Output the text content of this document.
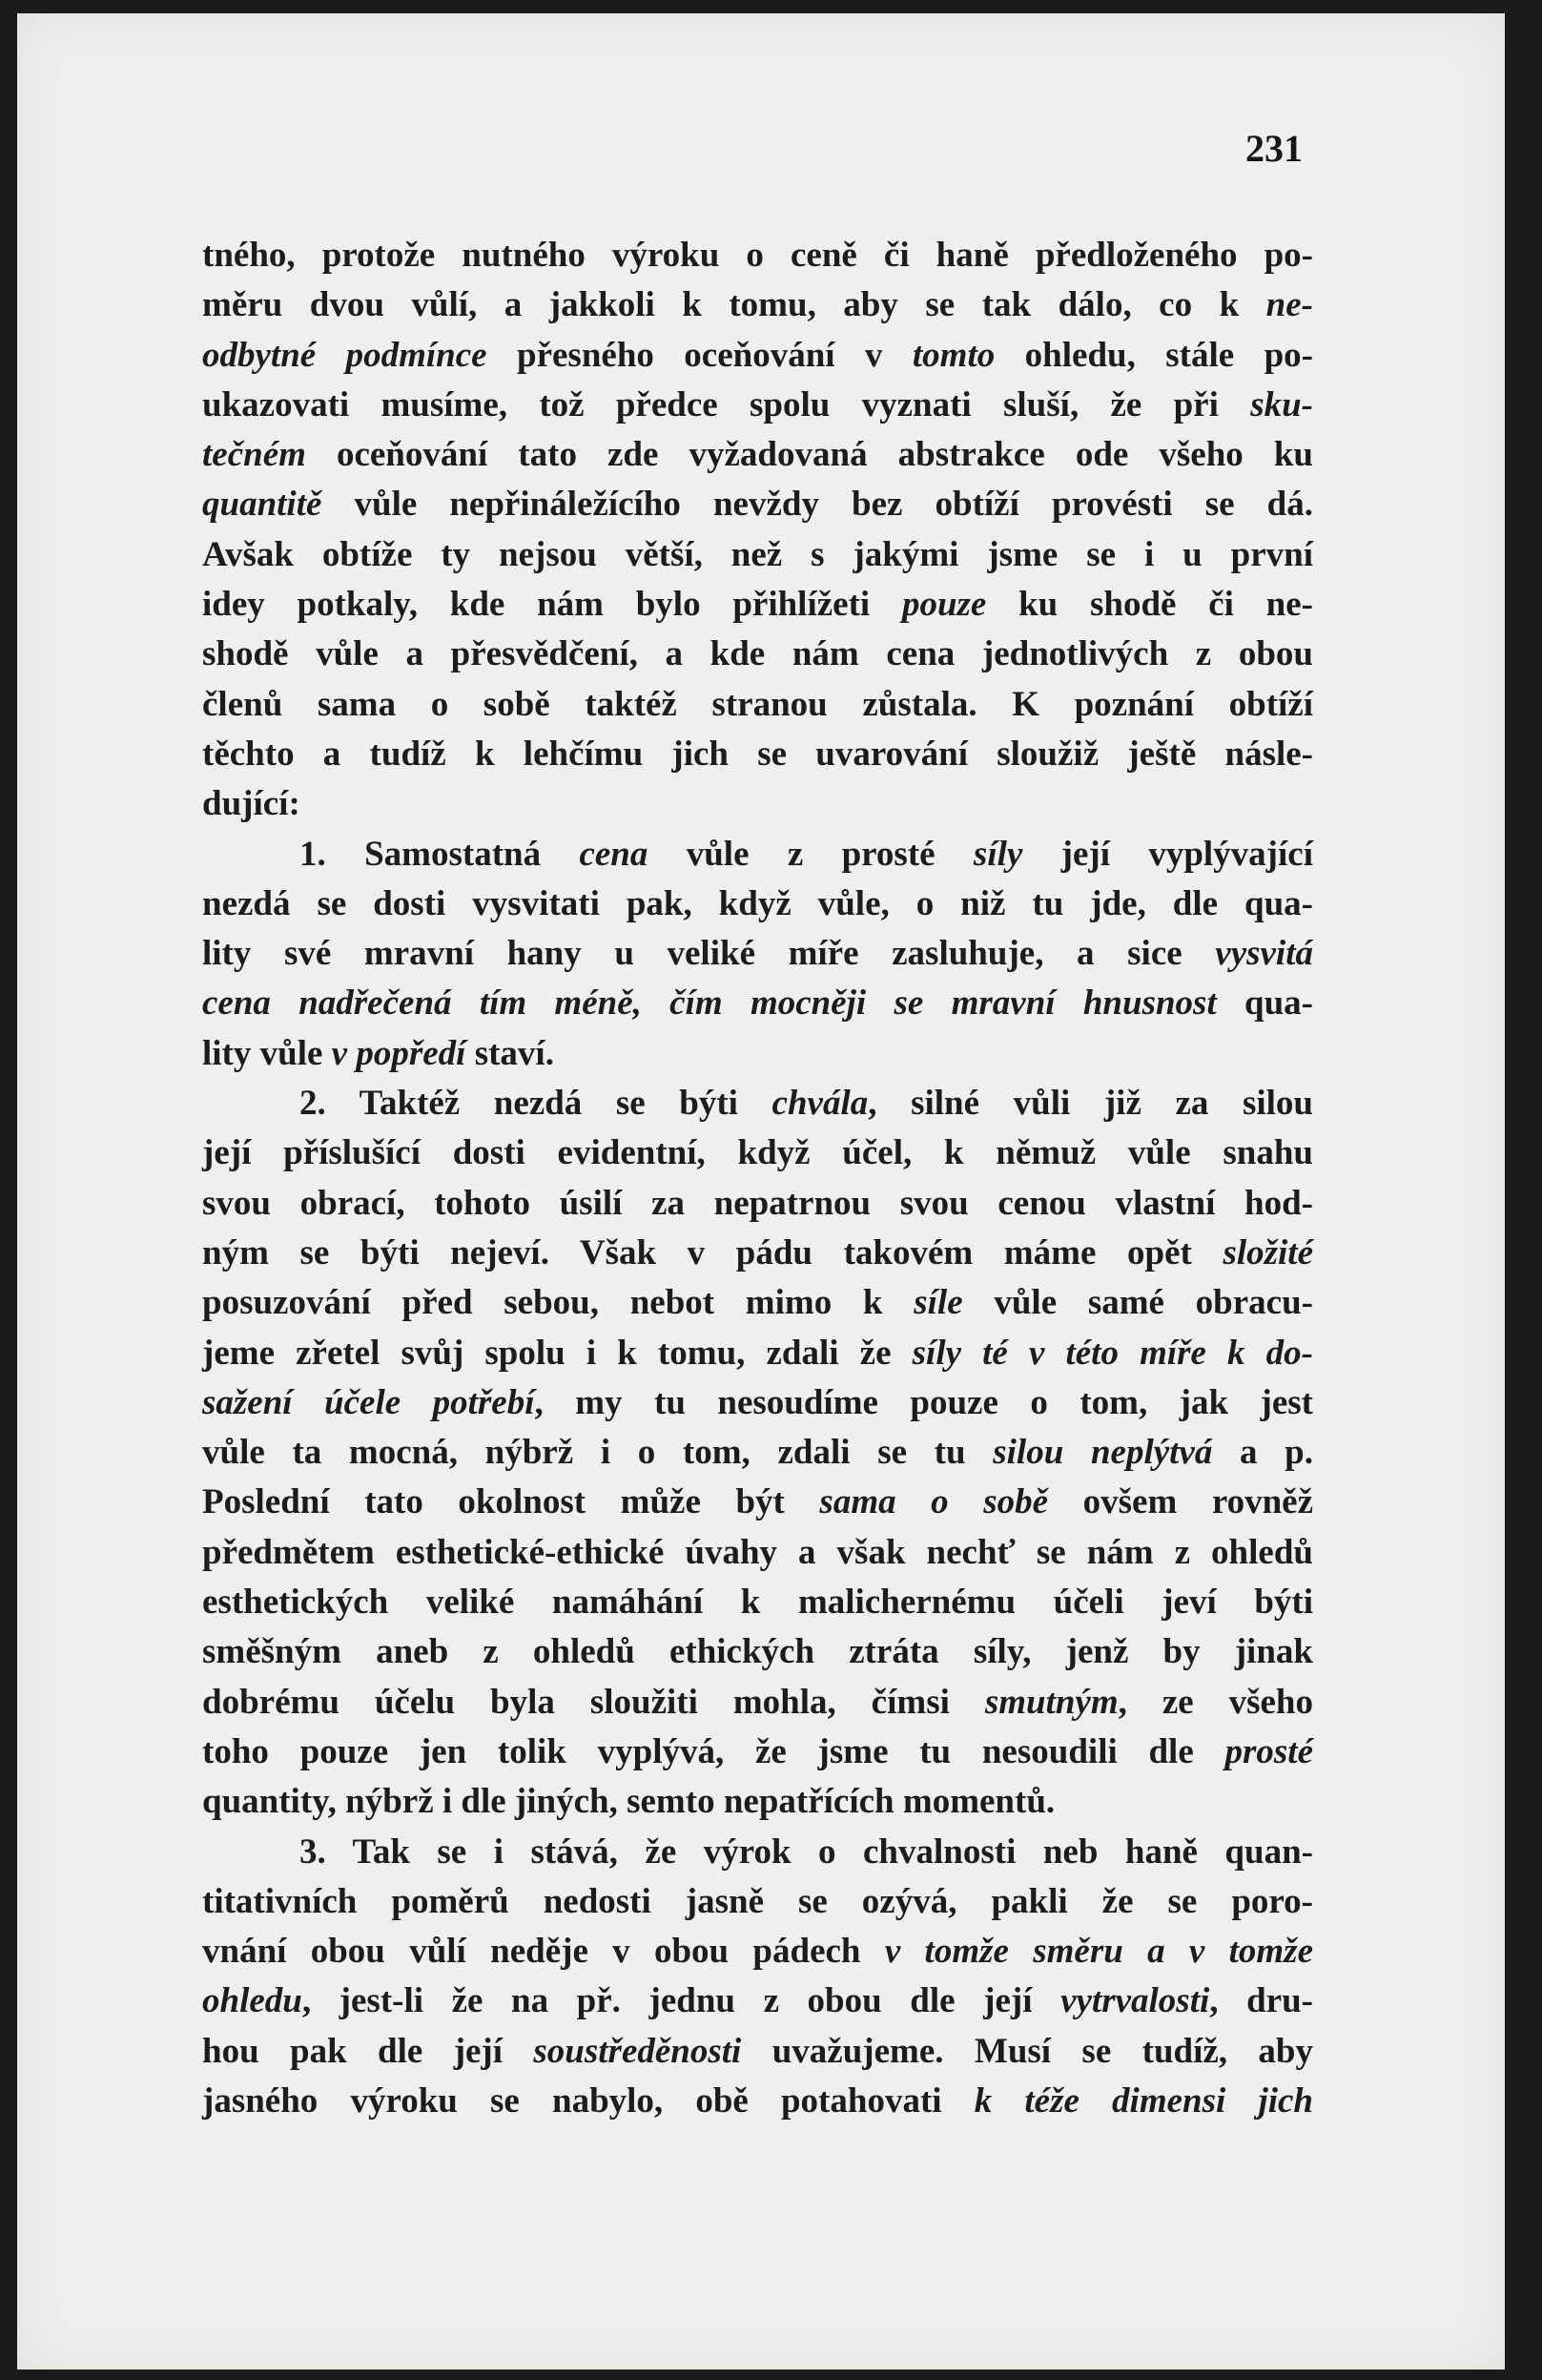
231
tného, protože nutného výroku o ceně či haně předloženého po-
měru dvou vůlí, a jakkoli k tomu, aby se tak dálo, co k ne-
odbytné podmínce přesného oceňování v tomto ohledu, stále po-
ukazovati musíme, tož předce spolu vyznati sluší, že při sku-
tečném oceňování tato zde vyžadovaná abstrakce ode všeho ku
quantitě vůle nepřináležícího nevždy bez obtíží provésti se dá.
Avšak obtíže ty nejsou větší, než s jakými jsme se i u první
idey potkaly, kde nám bylo přihlížeti pouze ku shodě či ne-
shodě vůle a přesvědčení, a kde nám cena jednotlivých z obou
členů sama o sobě taktéž stranou zůstala. K poznání obtíží
těchto a tudíž k lehčímu jich se uvarování sloužiž ještě násle-
dující:
1. Samostatná cena vůle z prosté síly její vyplývající
nezdá se dosti vysvitati pak, když vůle, o niž tu jde, dle qua-
lity své mravní hany u veliké míře zasluhuje, a sice vysvitá
cena nadřečená tím méně, čím mocněji se mravní hnusnost qua-
lity vůle v popředí staví.
2. Taktéž nezdá se býti chvála, silné vůli již za silou
její příslušící dosti evidentní, když účel, k němuž vůle snahu
svou obrací, tohoto úsilí za nepatrnou svou cenou vlastní hod-
ným se býti nejeví. Však v pádu takovém máme opět složité
posuzování před sebou, nebot mimo k síle vůle samé obracu-
jeme zřetel svůj spolu i k tomu, zdali že síly té v této míře k do-
sažení účele potřebí, my tu nesoudíme pouze o tom, jak jest
vůle ta mocná, nýbrž i o tom, zdali se tu silou neplýtvá a p.
Poslední tato okolnost může být sama o sobě ovšem rovněž
předmětem esthetické-ethické úvahy a však nechť se nám z ohledů
esthetických veliké namáhání k malichernému účeli jeví býti
směšným aneb z ohledů ethických ztráta síly, jenž by jinak
dobrému účelu byla sloužiti mohla, čímsi smutným, ze všeho
toho pouze jen tolik vyplývá, že jsme tu nesoudili dle prosté
quantity, nýbrž i dle jiných, semto nepatřících momentů.
3. Tak se i stává, že výrok o chvalnosti neb haně quan-
titativních poměrů nedosti jasně se ozývá, pakli že se poro-
vnání obou vůlí neděje v obou pádech v tomže směru a v tomže
ohledu, jest-li že na př. jednu z obou dle její vytrvalosti, dru-
hou pak dle její soustředěnosti uvažujeme. Musí se tudíž, aby
jasného výroku se nabylo, obě potahovati k téže dimensi jich
